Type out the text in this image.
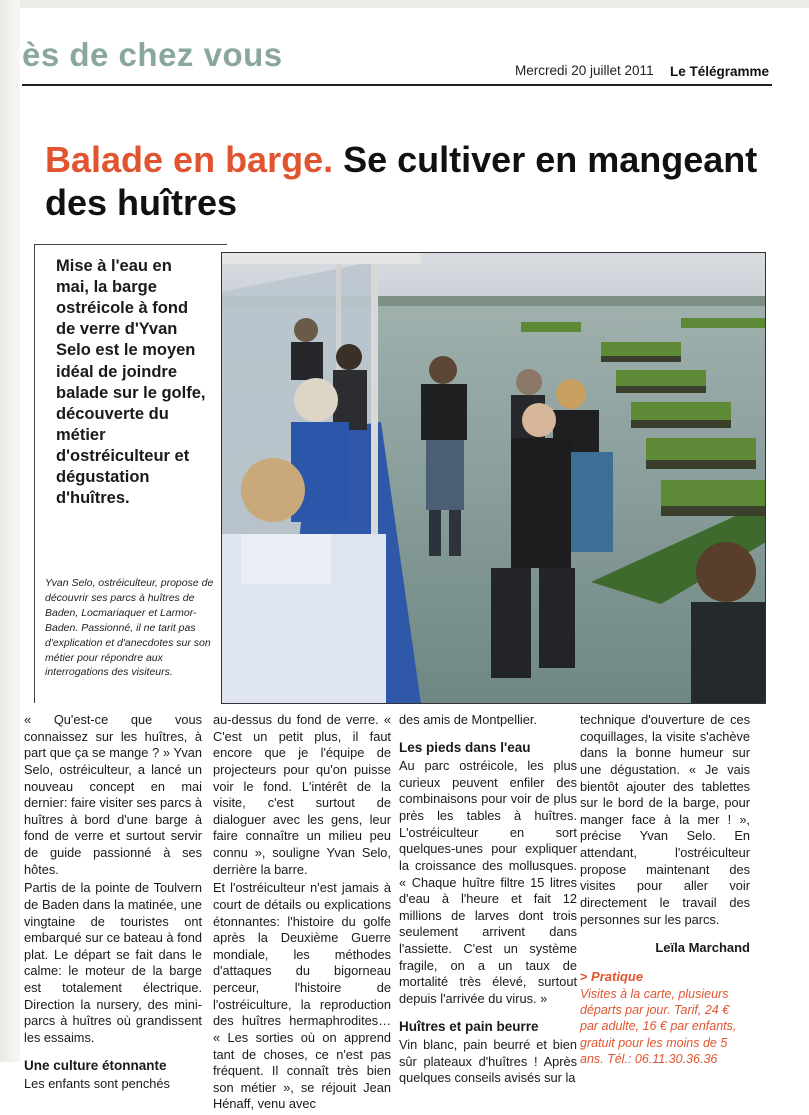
ès de chez vous	Mercredi 20 juillet 2011 Le Télégramme
Balade en barge. Se cultiver en mangeant des huîtres
Mise à l'eau en mai, la barge ostréicole à fond de verre d'Yvan Selo est le moyen idéal de joindre balade sur le golfe, découverte du métier d'ostréiculteur et dégustation d'huîtres.
Yvan Selo, ostréiculteur, propose de découvrir ses parcs à huîtres de Baden, Locmariaquer et Larmor-Baden. Passionné, il ne tarit pas d'explication et d'anecdotes sur son métier pour répondre aux interrogations des visiteurs.

« Qu'est-ce que vous connaissez sur les huîtres, à part que ça se mange ? » Yvan Selo, ostréiculteur, a lancé un nouveau concept en mai dernier: faire visiter ses parcs à huîtres à bord d'une barge à fond de verre et surtout servir de guide passionné à ses hôtes.

Partis de la pointe de Toulvern de Baden dans la matinée, une vingtaine de touristes ont embarqué sur ce bateau à fond plat. Le départ se fait dans le calme: le moteur de la barge est totalement électrique. Direction la nursery, des mini-parcs à huîtres où grandissent les essaims.

Une culture étonnante

Les enfants sont penchés

au-dessus du fond de verre. « C'est un petit plus, il faut encore que je l'équipe de projecteurs pour qu'on puisse voir le fond. L'intérêt de la visite, c'est surtout de dialoguer avec les gens, leur faire connaître un milieu peu connu », souligne Yvan Selo, derrière la barre.

Et l'ostréiculteur n'est jamais à court de détails ou explications étonnantes: l'histoire du golfe après la Deuxième Guerre mondiale, les méthodes d'attaques du bigorneau perceur, l'histoire de l'ostréiculture, la reproduction des huîtres hermaphrodites… « Les sorties où on apprend tant de choses, ce n'est pas fréquent. Il connaît très bien son métier », se réjouit Jean Hénaff, venu avec

des amis de Montpellier.

Les pieds dans l'eau

Au parc ostréicole, les plus curieux peuvent enfiler des combinaisons pour voir de plus près les tables à huîtres. L'ostréiculteur en sort quelques-unes pour expliquer la croissance des mollusques. « Chaque huître filtre 15 litres d'eau à l'heure et fait 12 millions de larves dont trois seulement arrivent dans l'assiette. C'est un système fragile, on a un taux de mortalité très élevé, surtout depuis l'arrivée du virus. »

Huîtres et pain beurre

Vin blanc, pain beurré et bien sûr plateaux d'huîtres ! Après quelques conseils avisés sur la

technique d'ouverture de ces coquillages, la visite s'achève dans la bonne humeur sur une dégustation. « Je vais bientôt ajouter des tablettes sur le bord de la barge, pour manger face à la mer ! », précise Yvan Selo. En attendant, l'ostréiculteur propose maintenant des visites pour aller voir directement le travail des personnes sur les parcs.

Leïla Marchand
> Pratique
Visites à la carte, plusieurs départs par jour. Tarif, 24 € par adulte, 16 € par enfants, gratuit pour les moins de 5 ans. Tél.: 06.11.30.36.36
